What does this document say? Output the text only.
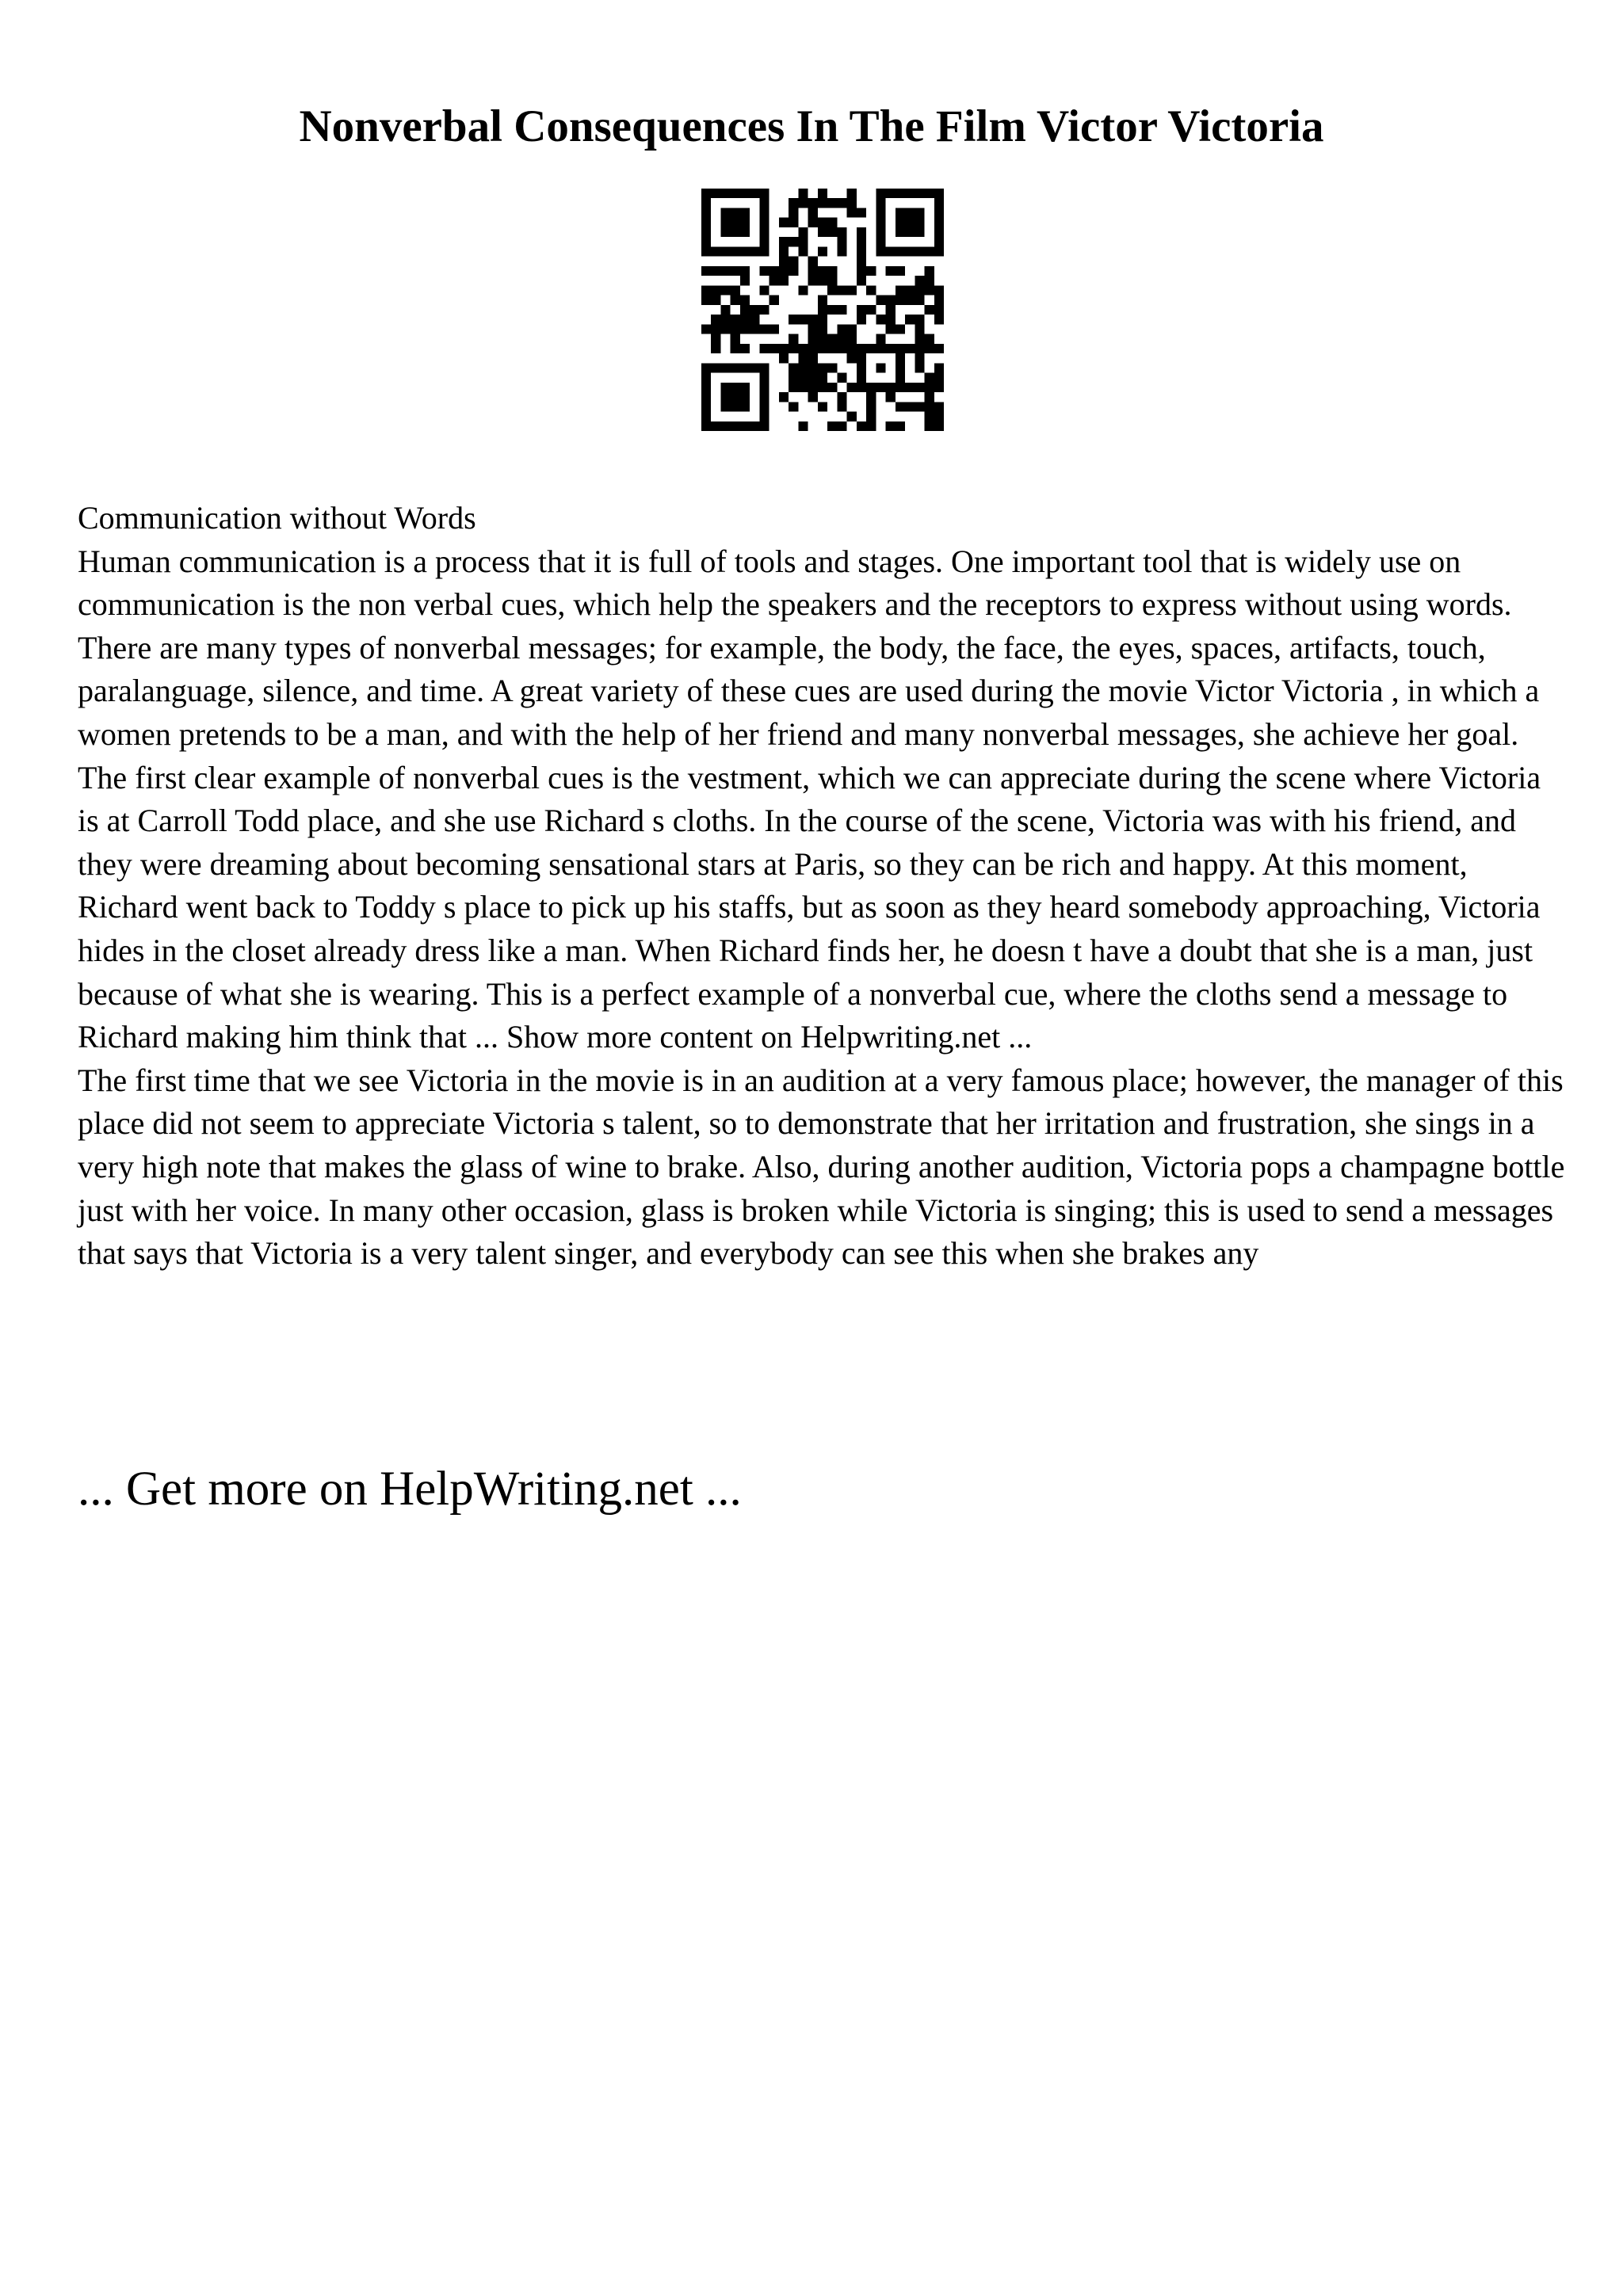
Nonverbal Consequences In The Film Victor Victoria

Communication without Words

Human communication is a process that it is full of tools and stages. One important tool that is widely use on communication is the non verbal cues, which help the speakers and the receptors to express without using words. There are many types of nonverbal messages; for example, the body, the face, the eyes, spaces, artifacts, touch, paralanguage, silence, and time. A great variety of these cues are used during the movie Victor Victoria , in which a women pretends to be a man, and with the help of her friend and many nonverbal messages, she achieve her goal.

The first clear example of nonverbal cues is the vestment, which we can appreciate during the scene where Victoria is at Carroll Todd place, and she use Richard s cloths. In the course of the scene, Victoria was with his friend, and they were dreaming about becoming sensational stars at Paris, so they can be rich and happy. At this moment, Richard went back to Toddy s place to pick up his staffs, but as soon as they heard somebody approaching, Victoria hides in the closet already dress like a man. When Richard finds her, he doesn t have a doubt that she is a man, just because of what she is wearing. This is a perfect example of a nonverbal cue, where the cloths send a message to Richard making him think that ... Show more content on Helpwriting.net ...

The first time that we see Victoria in the movie is in an audition at a very famous place; however, the manager of this place did not seem to appreciate Victoria s talent, so to demonstrate that her irritation and frustration, she sings in a very high note that makes the glass of wine to brake. Also, during another audition, Victoria pops a champagne bottle just with her voice. In many other occasion, glass is broken while Victoria is singing; this is used to send a messages that says that Victoria is a very talent singer, and everybody can see this when she brakes any

... Get more on HelpWriting.net ...
